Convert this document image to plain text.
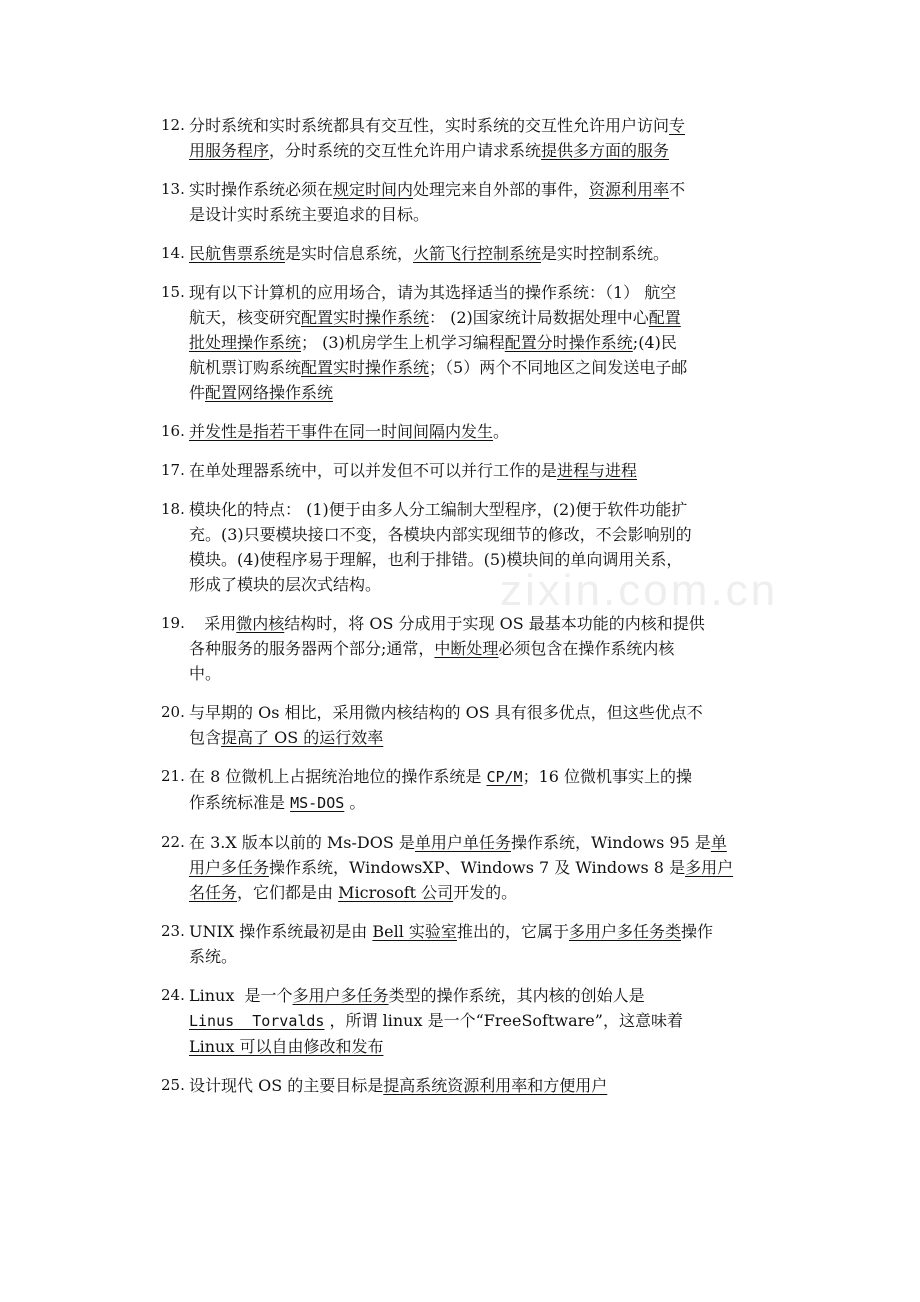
zixin.com.cn
12. 分时系统和实时系统都具有交互性，实时系统的交互性允许用户访问专
用服务程序，分时系统的交互性允许用户请求系统提供多方面的服务
13. 实时操作系统必须在规定时间内处理完来自外部的事件，资源利用率不
是设计实时系统主要追求的目标。
14. 民航售票系统是实时信息系统，火箭飞行控制系统是实时控制系统。
15. 现有以下计算机的应用场合，请为其选择适当的操作系统：（1） 航空
航天，核变研究配置实时操作系统： (2)国家统计局数据处理中心配置
批处理操作系统； (3)机房学生上机学习编程配置分时操作系统;(4)民
航机票订购系统配置实时操作系统；（5）两个不同地区之间发送电子邮
件配置网络操作系统
16. 并发性是指若干事件在同一时间间隔内发生。
17. 在单处理器系统中，可以并发但不可以并行工作的是进程与进程
18. 模块化的特点： (1)便于由多人分工编制大型程序，(2)便于软件功能扩
充。(3)只要模块接口不变，各模块内部实现细节的修改，不会影响别的
模块。(4)使程序易于理解，也利于排错。(5)模块间的单向调用关系，
形成了模块的层次式结构。
19. 采用微内核结构时，将 OS 分成用于实现 OS 最基本功能的内核和提供
各种服务的服务器两个部分;通常，中断处理必须包含在操作系统内核
中。
20. 与早期的 Os 相比，采用微内核结构的 OS 具有很多优点，但这些优点不
包含提高了 OS 的运行效率
21. 在 8 位微机上占据统治地位的操作系统是 CP/M；16 位微机事实上的操
作系统标准是 MS-DOS 。
22. 在 3.X 版本以前的 Ms-DOS 是单用户单任务操作系统，Windows 95 是单
用户多任务操作系统，WindowsXP、Windows 7 及 Windows 8 是多用户
名任务，它们都是由 Microsoft 公司开发的。
23. UNIX 操作系统最初是由 Bell 实验室推出的，它属于多用户多任务类操作
系统。
24. Linux  是一个多用户多任务类型的操作系统，其内核的创始人是
Linus  Torvalds ，所谓 linux 是一个“FreeSoftware”，这意味着
Linux 可以自由修改和发布
25. 设计现代 OS 的主要目标是提高系统资源利用率和方便用户
